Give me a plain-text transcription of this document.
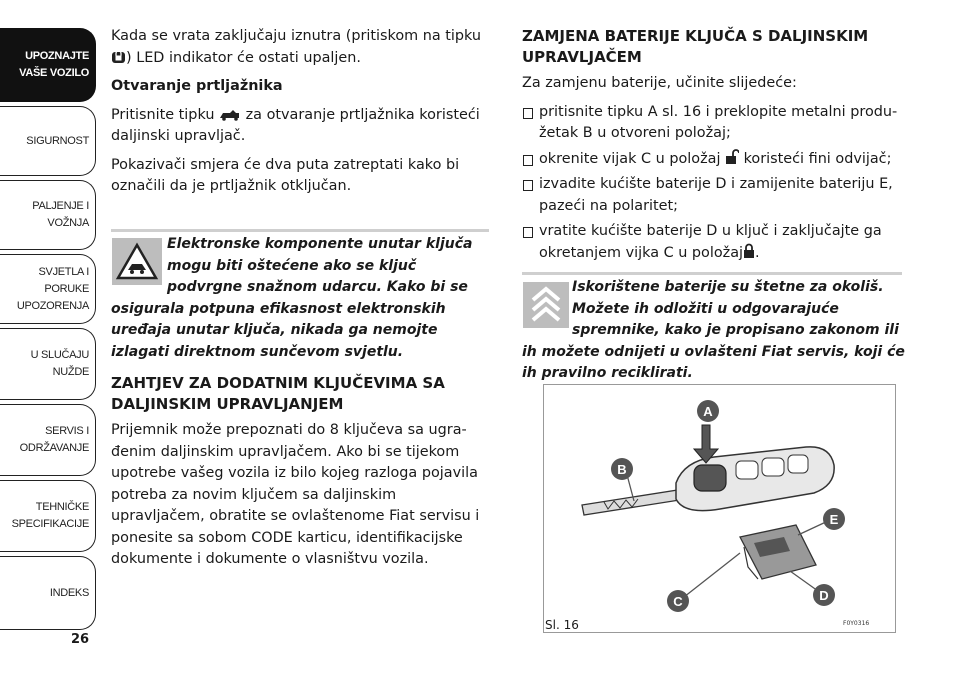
UPOZNAJTE
VAŠE VOZILO
SIGURNOST
PALJENJE I
VOŽNJA
SVJETLA I PORUKE
UPOZORENJA
U SLUČAJU
NUŽDE
SERVIS I
ODRŽAVANJE
TEHNIČKE
SPECIFIKACIJE
INDEKS
26

Kada se vrata zaključaju iznutra (pritiskom na tipku
) LED indikator će ostati upaljen.

Otvaranje prtljažnika

Pritisnite tipku za otvaranje prtljažnika koristeći daljinski upravljač.

Pokazivači smjera će dva puta zatreptati kako bi označili da je prtljažnik otključan.

Elektronske komponente unutar ključa mogu biti oštećene ako se ključ podvrgne snažnom udarcu. Kako bi se osigurala potpuna efikasnost elektronskih uređaja unutar ključa, nikada ga nemojte izlagati direktnom sunčevom svjetlu.

ZAHTJEV ZA DODATNIM KLJUČEVIMA SA DALJINSKIM UPRAVLJANJEM

Prijemnik može prepoznati do 8 ključeva sa ugra-đenim daljinskim upravljačem. Ako bi se tijekom upotrebe vašeg vozila iz bilo kojeg razloga pojavila potreba za novim ključem sa daljinskim upravljačem, obratite se ovlaštenome Fiat servisu i ponesite sa sobom CODE karticu, identifikacijske dokumente i dokumente o vlasništvu vozila.

ZAMJENA BATERIJE KLJUČA S DALJINSKIM UPRAVLJAČEM

Za zamjenu baterije, učinite slijedeće:

pritisnite tipku A sl. 16 i preklopite metalni produ-žetak B u otvoreni položaj;
okrenite vijak C u položaj koristeći fini odvijač;
izvadite kućište baterije D i zamijenite bateriju E, pazeći na polaritet;
vratite kućište baterije D u ključ i zaključajte ga okretanjem vijka C u položaj .
Iskorištene baterije su štetne za okoliš. Možete ih odložiti u odgovarajuće spremnike, kako je propisano zakonom ili ih možete odnijeti u ovlašteni Fiat servis, koji će ih pravilno reciklirati.
A
B
C	D
E
Sl. 16	F0Y0316
